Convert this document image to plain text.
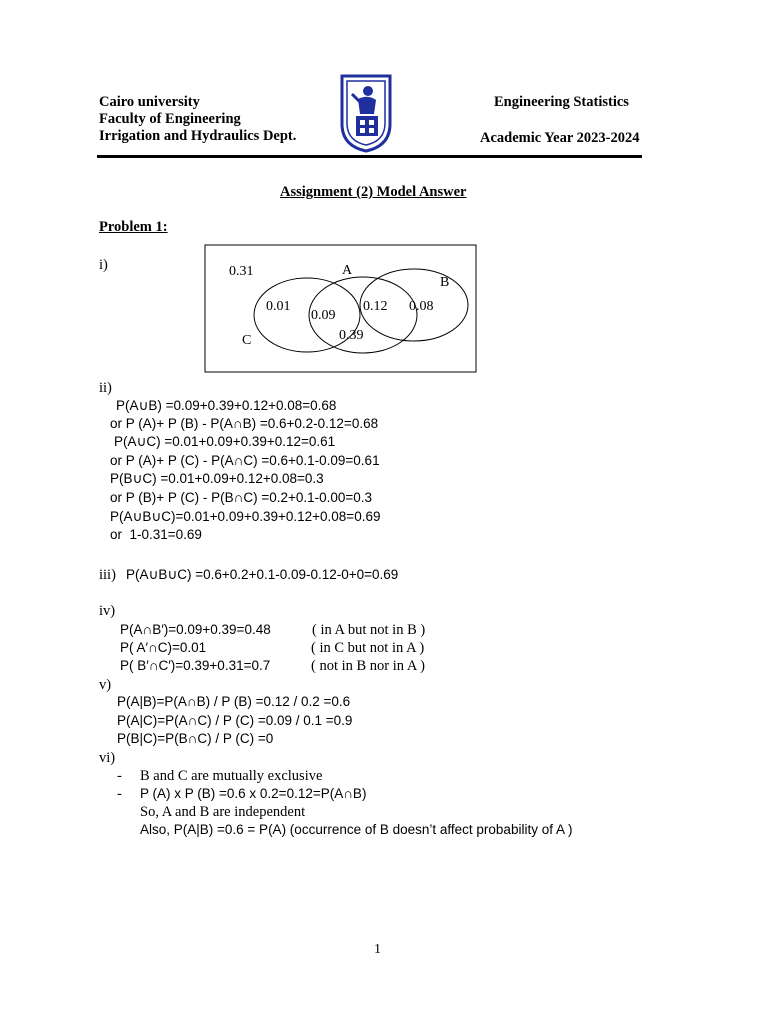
Cairo university
Faculty of Engineering
Irrigation and Hydraulics Dept.
Engineering Statistics
Academic Year 2023-2024
Assignment (2) Model Answer
Problem 1:
i)	0.31	A
B
C
0.01
0.09
0.39
0.12 0.08
ii)
P(A∪B) =0.09+0.39+0.12+0.08=0.68
or P (A)+ P (B) - P(A∩B) =0.6+0.2-0.12=0.68
P(A∪C) =0.01+0.09+0.39+0.12=0.61
or P (A)+ P (C) - P(A∩C) =0.6+0.1-0.09=0.61
P(B∪C) =0.01+0.09+0.12+0.08=0.3
or P (B)+ P (C) - P(B∩C) =0.2+0.1-0.00=0.3
P(A∪B∪C)=0.01+0.09+0.39+0.12+0.08=0.69
or  1-0.31=0.69
iii) P(A∪B∪C) =0.6+0.2+0.1-0.09-0.12-0+0=0.69
iv)
P(A∩B′)=0.09+0.39=0.48	( in A but not in B )
P( A′∩C)=0.01	( in C but not in A )
P( B′∩C′)=0.39+0.31=0.7	( not in B nor in A )
v)
P(A|B)=P(A∩B) / P (B) =0.12 / 0.2 =0.6
P(A|C)=P(A∩C) / P (C) =0.09 / 0.1 =0.9
P(B|C)=P(B∩C) / P (C) =0
vi)
- B and C are mutually exclusive
- P (A) x P (B) =0.6 x 0.2=0.12=P(A∩B)
So, A and B are independent
Also, P(A|B) =0.6 = P(A) (occurrence of B doesn’t affect probability of A )
1
